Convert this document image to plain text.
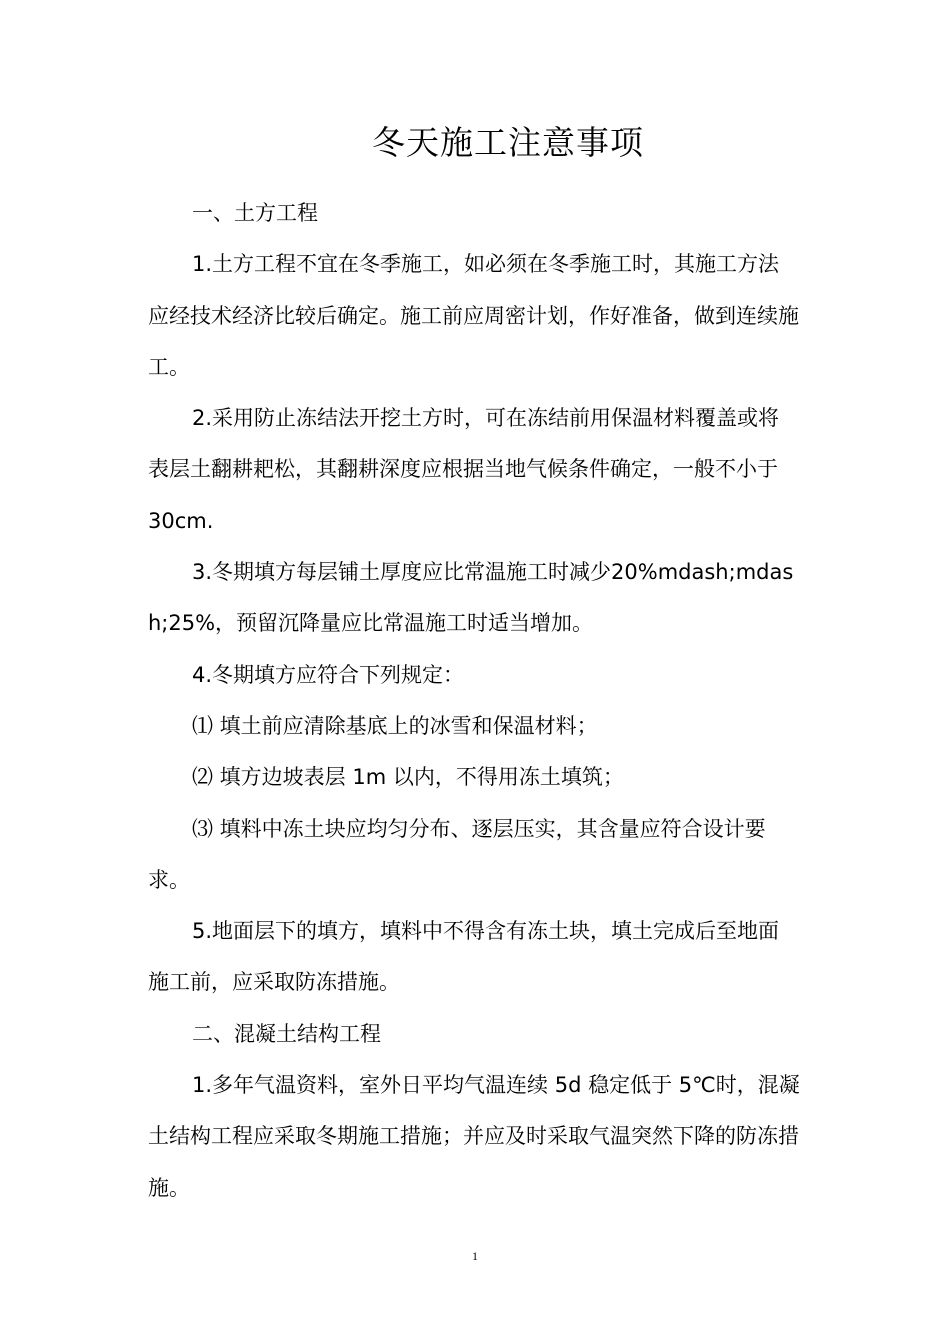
冬天施工注意事项

一、土方工程

1.土方工程不宜在冬季施工，如必须在冬季施工时，其施工方法应经技术经济比较后确定。施工前应周密计划，作好准备，做到连续施工。

2.采用防止冻结法开挖土方时，可在冻结前用保温材料覆盖或将表层土翻耕耙松，其翻耕深度应根据当地气候条件确定，一般不小于 30cm.

3.冬期填方每层铺土厚度应比常温施工时减少20%mdash;mdash;25%，预留沉降量应比常温施工时适当增加。

4.冬期填方应符合下列规定：

⑴ 填土前应清除基底上的冰雪和保温材料；

⑵ 填方边坡表层 1m 以内，不得用冻土填筑；

⑶ 填料中冻土块应均匀分布、逐层压实，其含量应符合设计要求。

5.地面层下的填方，填料中不得含有冻土块，填土完成后至地面施工前，应采取防冻措施。

二、混凝土结构工程

1.多年气温资料，室外日平均气温连续 5d 稳定低于 5℃时，混凝土结构工程应采取冬期施工措施；并应及时采取气温突然下降的防冻措施。

1
